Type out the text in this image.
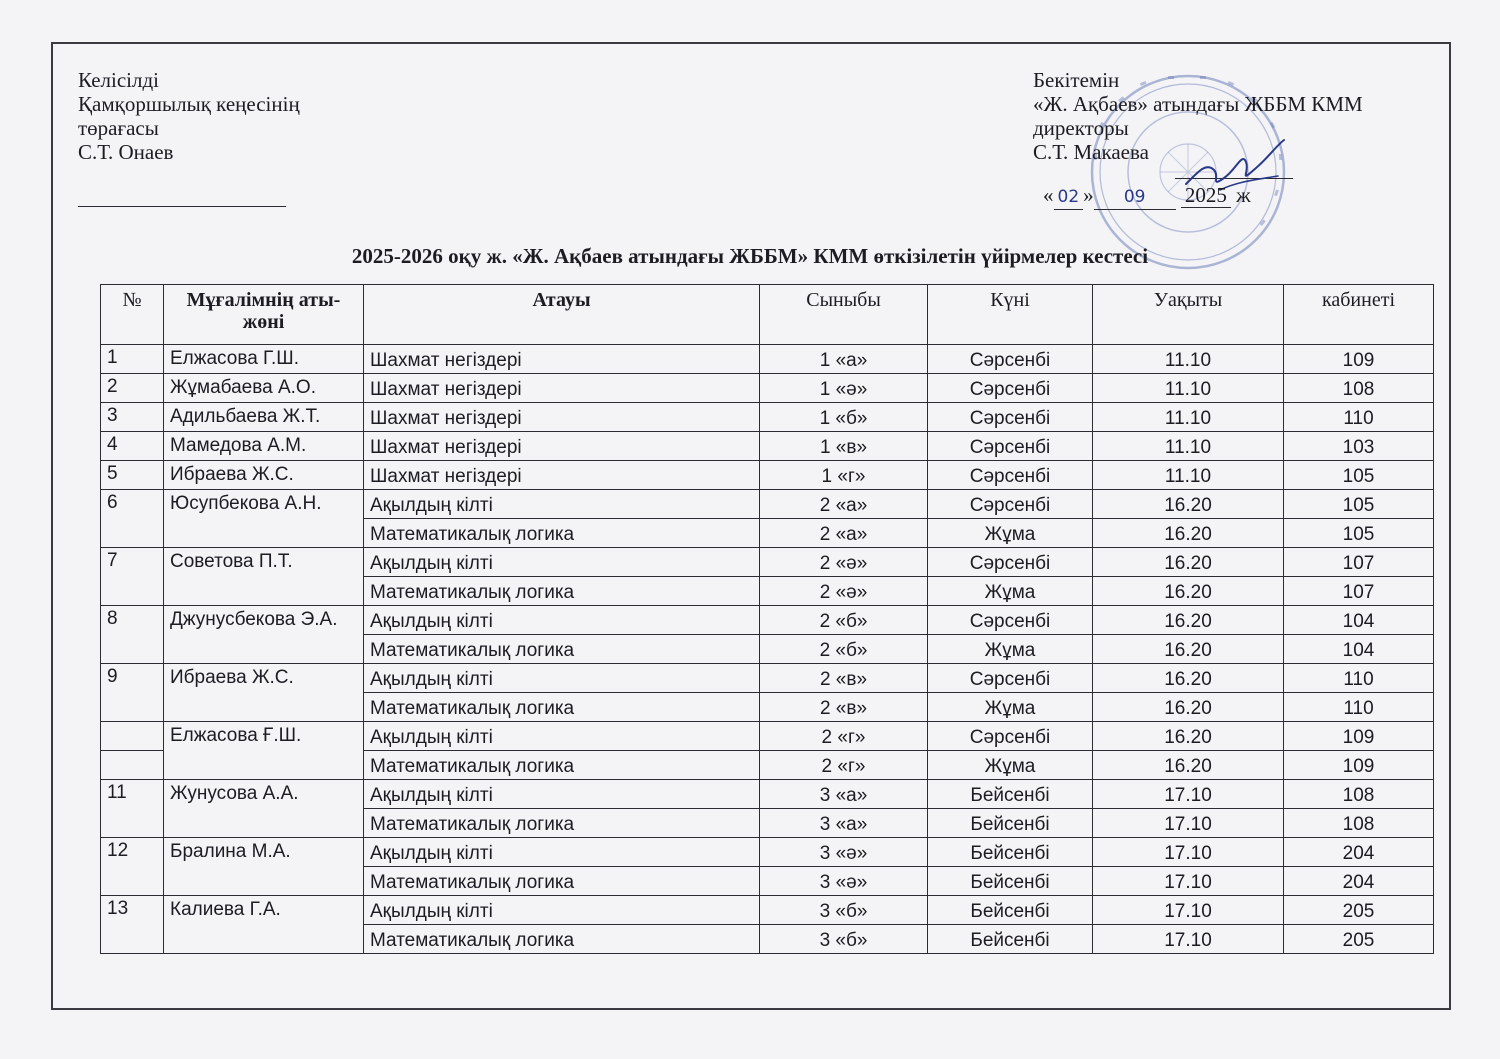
Келісілді
Қамқоршылық кеңесінің
төрағасы
С.Т. Онаев
Бекітемін
«Ж. Ақбаев» атындағы ЖББМ КММ
директоры
С.Т. Макаева
« 02 » 09 2025 ж
2025-2026 оқу ж. «Ж. Ақбаев атындағы ЖББМ» КММ өткізілетін үйірмелер кестесі
№	Мұғалімнің аты-жөні	Атауы	Сыныбы	Күні	Уақыты	кабинеті
1	Елжасова Г.Ш.	Шахмат негіздері	1 «а»	Сәрсенбі	11.10	109
2	Жұмабаева А.О.	Шахмат негіздері	1 «ә»	Сәрсенбі	11.10	108
3	Адильбаева Ж.Т.	Шахмат негіздері	1 «б»	Сәрсенбі	11.10	110
4	Мамедова А.М.	Шахмат негіздері	1 «в»	Сәрсенбі	11.10	103
5	Ибраева Ж.С.	Шахмат негіздері	1 «г»	Сәрсенбі	11.10	105
6	Юсупбекова А.Н.	Ақылдың кілті	2 «а»	Сәрсенбі	16.20	105
		Математикалық логика	2 «а»	Жұма	16.20	105
7	Советова П.Т.	Ақылдың кілті	2 «ә»	Сәрсенбі	16.20	107
		Математикалық логика	2 «ә»	Жұма	16.20	107
8	Джунусбекова Э.А.	Ақылдың кілті	2 «б»	Сәрсенбі	16.20	104
		Математикалық логика	2 «б»	Жұма	16.20	104
9	Ибраева Ж.С.	Ақылдың кілті	2 «в»	Сәрсенбі	16.20	110
		Математикалық логика	2 «в»	Жұма	16.20	110
	Елжасова Ғ.Ш.	Ақылдың кілті	2 «г»	Сәрсенбі	16.20	109
		Математикалық логика	2 «г»	Жұма	16.20	109
11	Жунусова А.А.	Ақылдың кілті	3 «а»	Бейсенбі	17.10	108
		Математикалық логика	3 «а»	Бейсенбі	17.10	108
12	Бралина М.А.	Ақылдың кілті	3 «ә»	Бейсенбі	17.10	204
		Математикалық логика	3 «ә»	Бейсенбі	17.10	204
13	Калиева Г.А.	Ақылдың кілті	3 «б»	Бейсенбі	17.10	205
		Математикалық логика	3 «б»	Бейсенбі	17.10	205
